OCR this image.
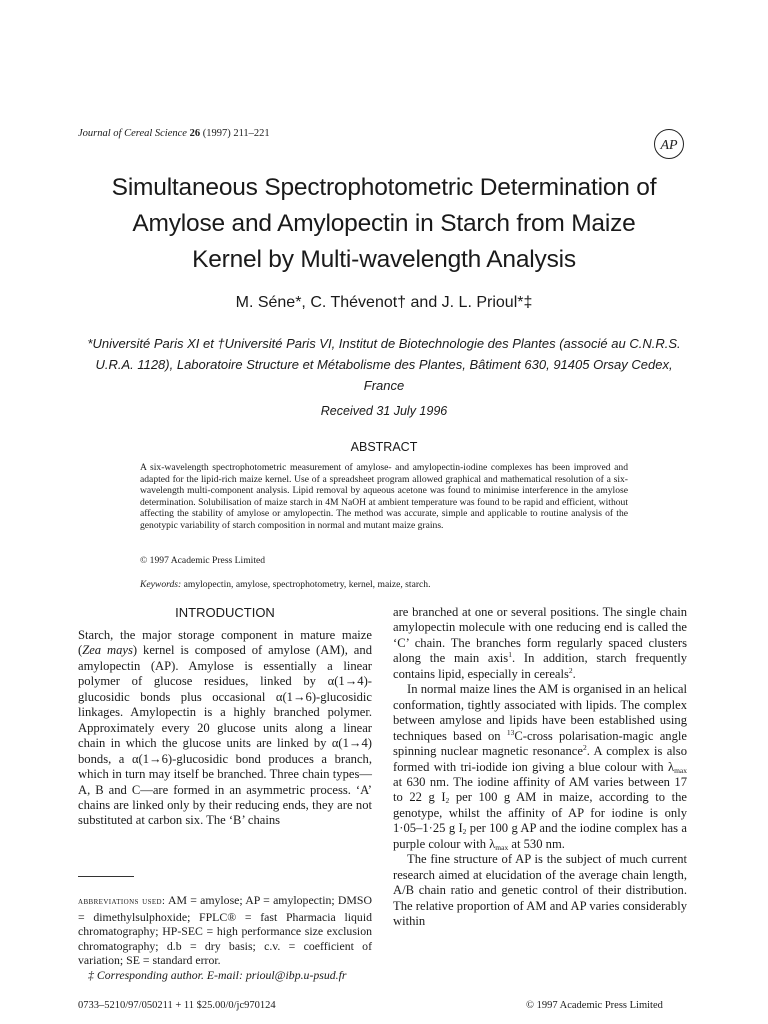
Journal of Cereal Science 26 (1997) 211–221
AP
Simultaneous Spectrophotometric Determination of
Amylose and Amylopectin in Starch from Maize
Kernel by Multi-wavelength Analysis
M. Séne*, C. Thévenot† and J. L. Prioul*‡
*Université Paris XI et †Université Paris VI, Institut de Biotechnologie des Plantes (associé au C.N.R.S.
U.R.A. 1128), Laboratoire Structure et Métabolisme des Plantes, Bâtiment 630, 91405 Orsay Cedex,
France
Received 31 July 1996
ABSTRACT
A six-wavelength spectrophotometric measurement of amylose- and amylopectin-iodine complexes has been improved and adapted for the lipid-rich maize kernel. Use of a spreadsheet program allowed graphical and mathematical resolution of a six-wavelength multi-component analysis. Lipid removal by aqueous acetone was found to minimise interference in the amylose determination. Solubilisation of maize starch in 4M NaOH at ambient temperature was found to be rapid and efficient, without affecting the stability of amylose or amylopectin. The method was accurate, simple and applicable to routine analysis of the genotypic variability of starch composition in normal and mutant maize grains.
© 1997 Academic Press Limited
Keywords: amylopectin, amylose, spectrophotometry, kernel, maize, starch.
INTRODUCTION

Starch, the major storage component in mature maize (Zea mays) kernel is composed of amylose (AM), and amylopectin (AP). Amylose is essentially a linear polymer of glucose residues, linked by α(1→4)-glucosidic bonds plus occasional α(1→6)-glucosidic linkages. Amylopectin is a highly branched polymer. Approximately every 20 glucose units along a linear chain in which the glucose units are linked by α(1→4) bonds, a α(1→6)-glucosidic bond produces a branch, which in turn may itself be branched. Three chain types—A, B and C—are formed in an asymmetric process. ‘A’ chains are linked only by their reducing ends, they are not substituted at carbon six. The ‘B’ chains

are branched at one or several positions. The single chain amylopectin molecule with one reducing end is called the ‘C’ chain. The branches form regularly spaced clusters along the main axis$^1$. In addition, starch frequently contains lipid, especially in cereals$^2$.

In normal maize lines the AM is organised in an helical conformation, tightly associated with lipids. The complex between amylose and lipids have been established using techniques based on $^{13}$C-cross polarisation-magic angle spinning nuclear magnetic resonance$^2$. A complex is also formed with tri-iodide ion giving a blue colour with $\lambda_{max}$ at 630 nm. The iodine affinity of AM varies between 17 to 22 g $I_2$ per 100 g AM in maize, according to the genotype, whilst the affinity of AP for iodine is only 1·05–1·25 g $I_2$ per 100 g AP and the iodine complex has a purple colour with $\lambda_{max}$ at 530 nm.

The fine structure of AP is the subject of much current research aimed at elucidation of the average chain length, A/B chain ratio and genetic control of their distribution. The relative proportion of AM and AP varies considerably within

abbreviations used: AM = amylose; AP = amylopectin; DMSO = dimethylsulphoxide; FPLC® = fast Pharmacia liquid chromatography; HP-SEC = high performance size exclusion chromatography; d.b = dry basis; c.v. = coefficient of variation; SE = standard error.
‡ Corresponding author. E-mail: prioul@ibp.u-psud.fr
0733–5210/97/050211 + 11 $25.00/0/jc970124	© 1997 Academic Press Limited
